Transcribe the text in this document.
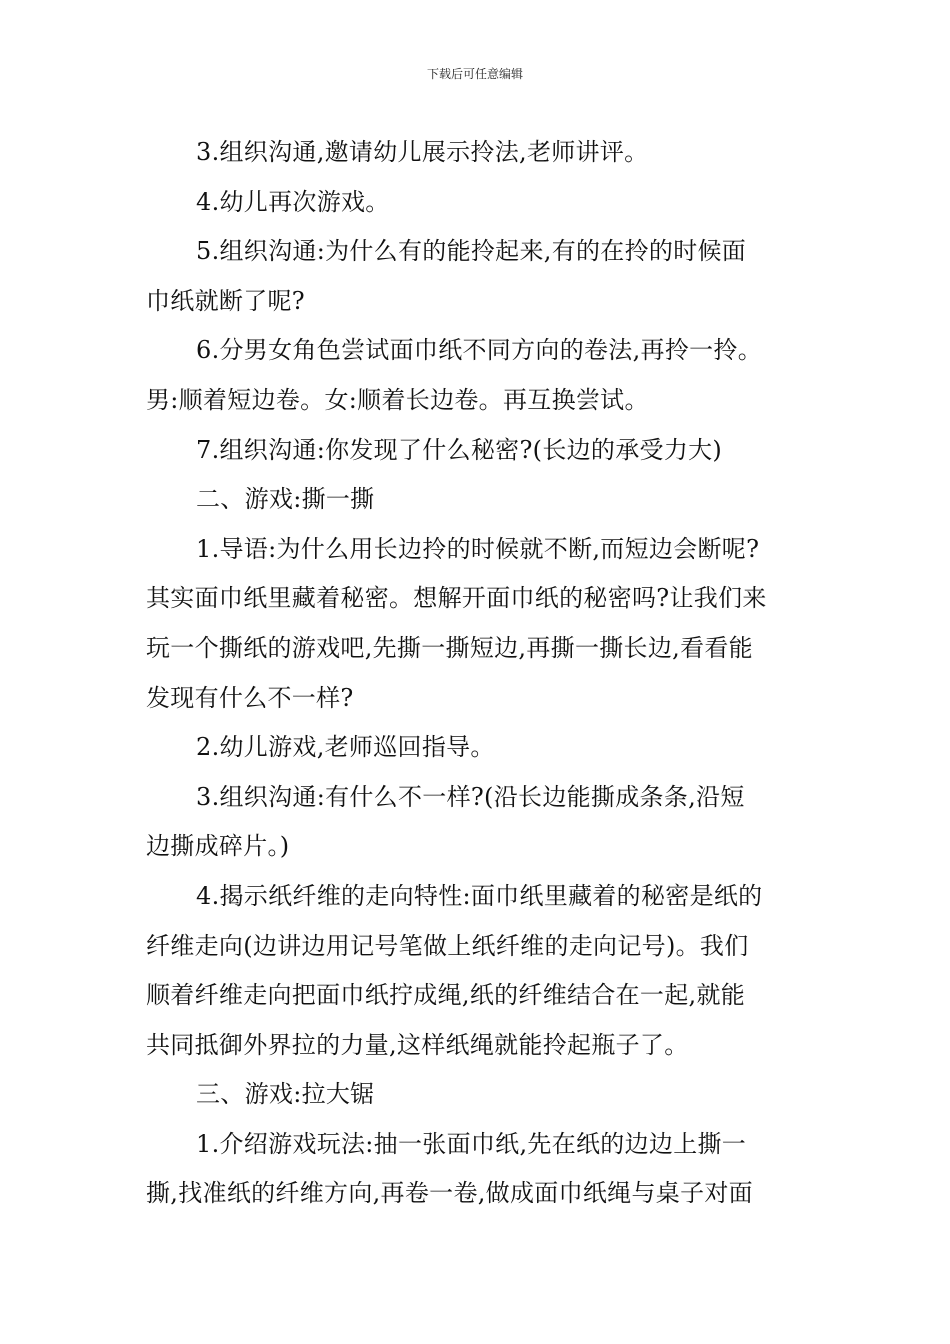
下载后可任意编辑
3.组织沟通,邀请幼儿展示拎法,老师讲评。
4.幼儿再次游戏。
5.组织沟通:为什么有的能拎起来,有的在拎的时候面
巾纸就断了呢?
6.分男女角色尝试面巾纸不同方向的卷法,再拎一拎。
男:顺着短边卷。女:顺着长边卷。再互换尝试。
7.组织沟通:你发现了什么秘密?(长边的承受力大)
二、游戏:撕一撕
1.导语:为什么用长边拎的时候就不断,而短边会断呢?
其实面巾纸里藏着秘密。想解开面巾纸的秘密吗?让我们来
玩一个撕纸的游戏吧,先撕一撕短边,再撕一撕长边,看看能
发现有什么不一样?
2.幼儿游戏,老师巡回指导。
3.组织沟通:有什么不一样?(沿长边能撕成条条,沿短
边撕成碎片。)
4.揭示纸纤维的走向特性:面巾纸里藏着的秘密是纸的
纤维走向(边讲边用记号笔做上纸纤维的走向记号)。我们
顺着纤维走向把面巾纸拧成绳,纸的纤维结合在一起,就能
共同抵御外界拉的力量,这样纸绳就能拎起瓶子了。
三、游戏:拉大锯
1.介绍游戏玩法:抽一张面巾纸,先在纸的边边上撕一
撕,找准纸的纤维方向,再卷一卷,做成面巾纸绳与桌子对面
